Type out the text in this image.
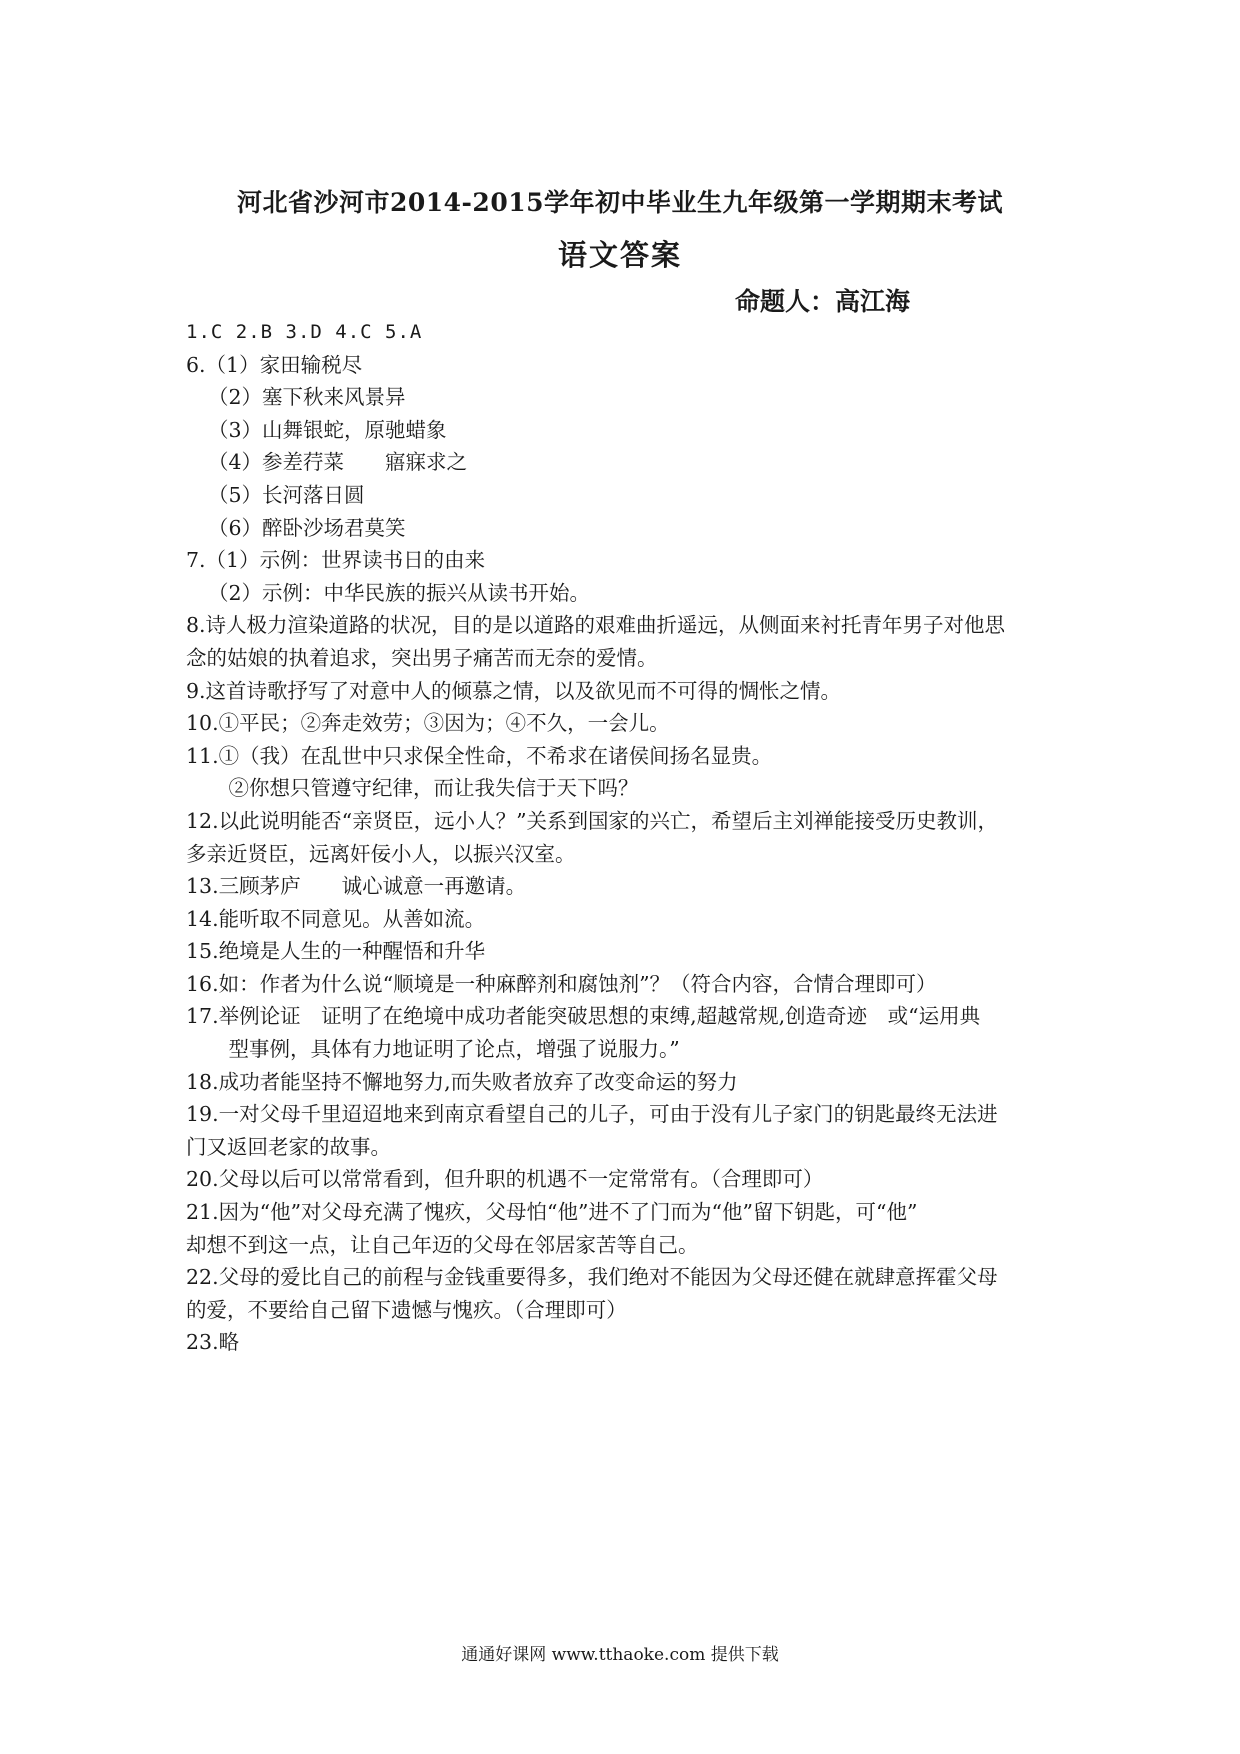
河北省沙河市2014-2015学年初中毕业生九年级第一学期期末考试
语文答案
命题人：高江海
1.C 2.B 3.D 4.C 5.A
6.（1）家田输税尽
（2）塞下秋来风景异
（3）山舞银蛇，原驰蜡象
（4）参差荇菜　　寤寐求之
（5）长河落日圆
（6）醉卧沙场君莫笑
7.（1）示例：世界读书日的由来
（2）示例：中华民族的振兴从读书开始。
8.诗人极力渲染道路的状况，目的是以道路的艰难曲折遥远，从侧面来衬托青年男子对他思
念的姑娘的执着追求，突出男子痛苦而无奈的爱情。
9.这首诗歌抒写了对意中人的倾慕之情，以及欲见而不可得的惆怅之情。
10.①平民；②奔走效劳；③因为；④不久，一会儿。
11.①（我）在乱世中只求保全性命，不希求在诸侯间扬名显贵。
　②你想只管遵守纪律，而让我失信于天下吗？
12.以此说明能否“亲贤臣，远小人？”关系到国家的兴亡，希望后主刘禅能接受历史教训，
多亲近贤臣，远离奸佞小人，以振兴汉室。
13.三顾茅庐　　诚心诚意一再邀请。
14.能听取不同意见。从善如流。
15.绝境是人生的一种醒悟和升华
16.如：作者为什么说“顺境是一种麻醉剂和腐蚀剂”？（符合内容，合情合理即可）
17.举例论证　证明了在绝境中成功者能突破思想的束缚,超越常规,创造奇迹　或“运用典
　型事例，具体有力地证明了论点，增强了说服力。”
18.成功者能坚持不懈地努力,而失败者放弃了改变命运的努力
19.一对父母千里迢迢地来到南京看望自己的儿子，可由于没有儿子家门的钥匙最终无法进
门又返回老家的故事。
20.父母以后可以常常看到，但升职的机遇不一定常常有。（合理即可）
21.因为“他”对父母充满了愧疚，父母怕“他”进不了门而为“他”留下钥匙，可“他”
却想不到这一点，让自己年迈的父母在邻居家苦等自己。
22.父母的爱比自己的前程与金钱重要得多，我们绝对不能因为父母还健在就肆意挥霍父母
的爱，不要给自己留下遗憾与愧疚。（合理即可）
23.略
通通好课网 www.tthaoke.com 提供下载
